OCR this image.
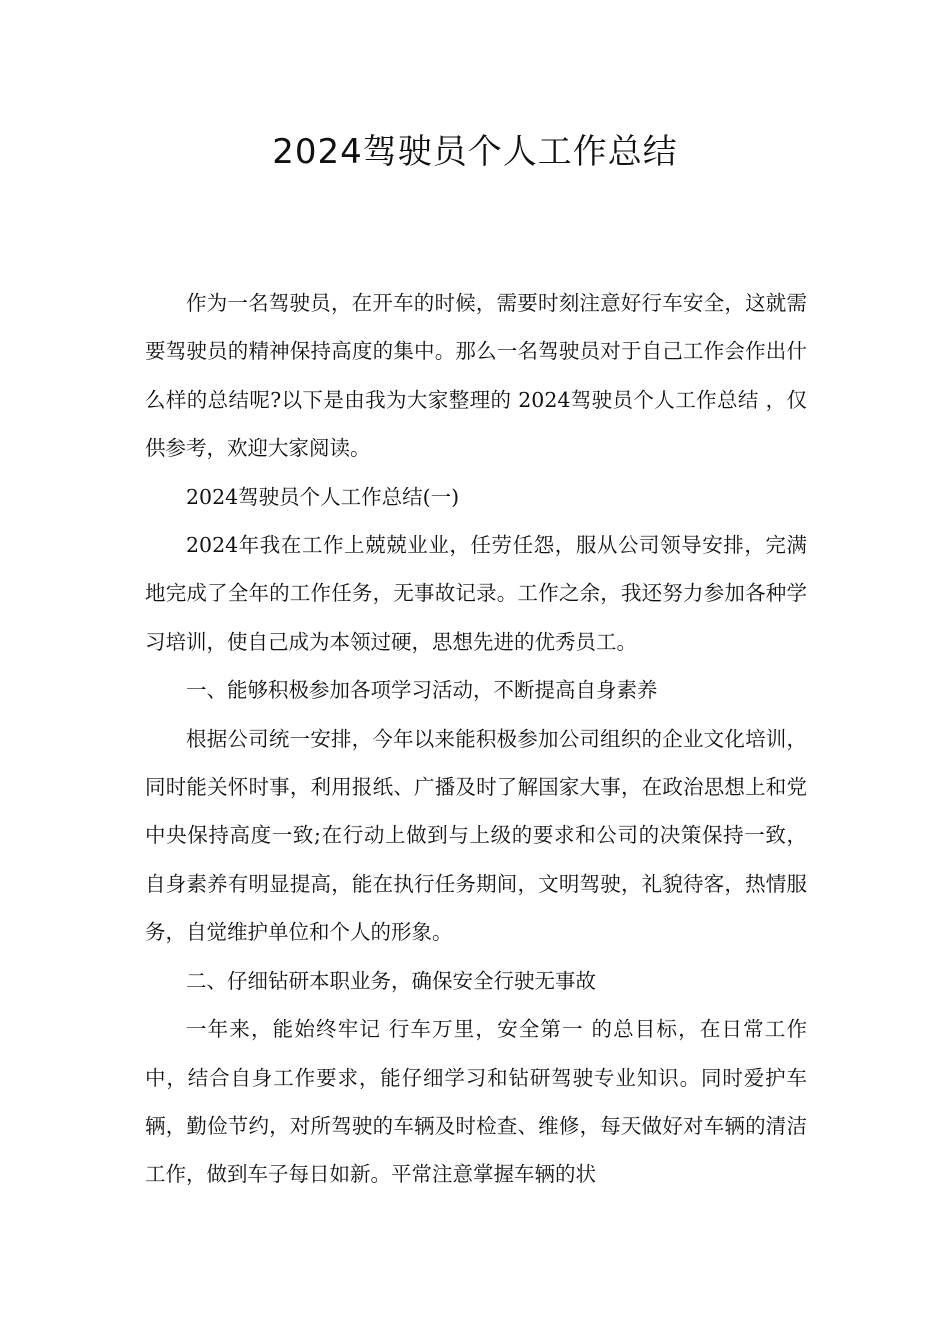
2024驾驶员个人工作总结

作为一名驾驶员，在开车的时候，需要时刻注意好行车安全，这就需要驾驶员的精神保持高度的集中。那么一名驾驶员对于自己工作会作出什么样的总结呢?以下是由我为大家整理的 2024驾驶员个人工作总结 ，仅供参考，欢迎大家阅读。

2024驾驶员个人工作总结(一)

2024年我在工作上兢兢业业，任劳任怨，服从公司领导安排，完满地完成了全年的工作任务，无事故记录。工作之余，我还努力参加各种学习培训，使自己成为本领过硬，思想先进的优秀员工。

一、能够积极参加各项学习活动，不断提高自身素养

根据公司统一安排，今年以来能积极参加公司组织的企业文化培训，同时能关怀时事，利用报纸、广播及时了解国家大事，在政治思想上和党中央保持高度一致;在行动上做到与上级的要求和公司的决策保持一致，自身素养有明显提高，能在执行任务期间，文明驾驶，礼貌待客，热情服务，自觉维护单位和个人的形象。

二、仔细钻研本职业务，确保安全行驶无事故

一年来，能始终牢记 行车万里，安全第一 的总目标，在日常工作中，结合自身工作要求，能仔细学习和钻研驾驶专业知识。同时爱护车辆，勤俭节约，对所驾驶的车辆及时检查、维修，每天做好对车辆的清洁工作，做到车子每日如新。平常注意掌握车辆的状
